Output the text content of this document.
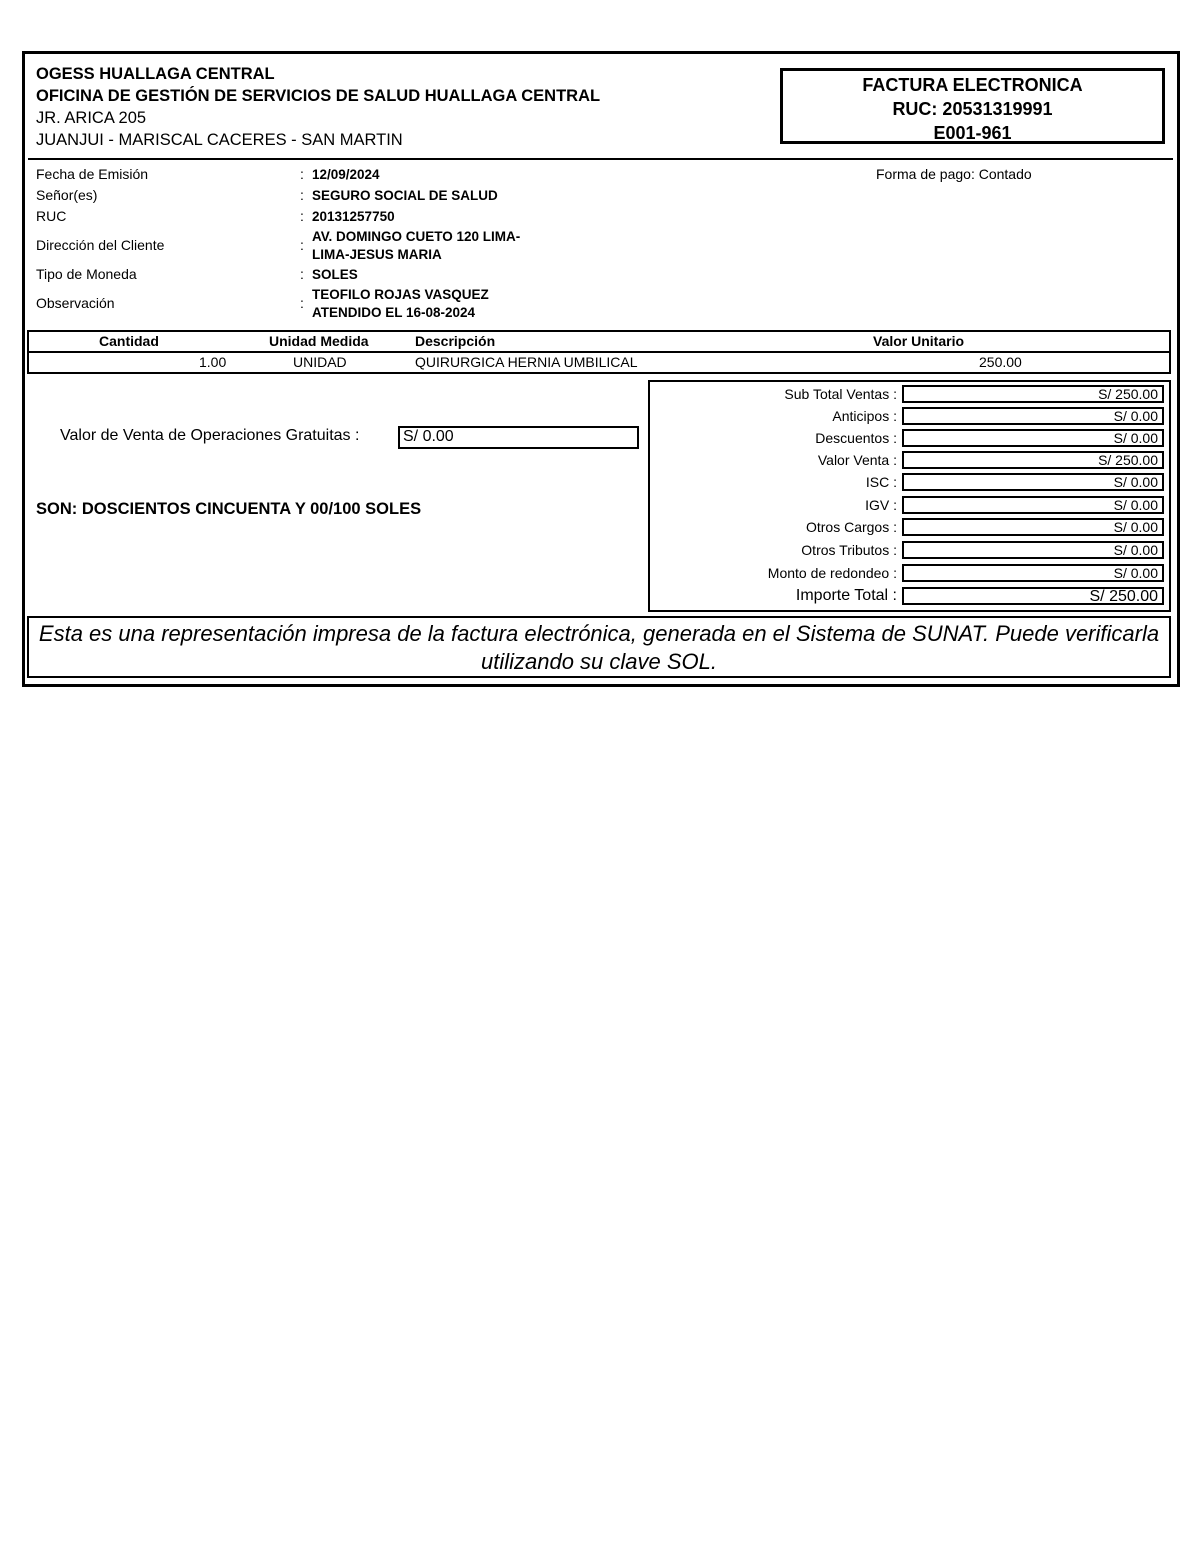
OGESS HUALLAGA CENTRAL
OFICINA DE GESTIÓN DE SERVICIOS DE SALUD HUALLAGA CENTRAL
JR. ARICA 205
JUANJUI - MARISCAL CACERES - SAN MARTIN
FACTURA ELECTRONICA
RUC: 20531319991
E001-961
Fecha de Emisión	: 12/09/2024
Señor(es)	: SEGURO SOCIAL DE SALUD
RUC	: 20131257750
Dirección del Cliente	:
AV. DOMINGO CUETO 120 LIMA-
LIMA-JESUS MARIA
Tipo de Moneda	: SOLES
Observación	:
TEOFILO ROJAS VASQUEZ
ATENDIDO EL 16-08-2024
Forma de pago: Contado
Cantidad	Unidad Medida	Descripción	Valor Unitario
1.00	UNIDAD	QUIRURGICA HERNIA UMBILICAL	250.00
Valor de Venta de Operaciones Gratuitas :	S/ 0.00
SON: DOSCIENTOS CINCUENTA Y 00/100 SOLES
Sub Total Ventas :	S/ 250.00
Anticipos :	S/ 0.00
Descuentos :	S/ 0.00
Valor Venta :	S/ 250.00
ISC :	S/ 0.00
IGV :	S/ 0.00
Otros Cargos :	S/ 0.00
Otros Tributos :	S/ 0.00
Monto de redondeo :	S/ 0.00
Importe Total :	S/ 250.00
Esta es una representación impresa de la factura electrónica, generada en el Sistema de SUNAT. Puede verificarla utilizando su clave SOL.
